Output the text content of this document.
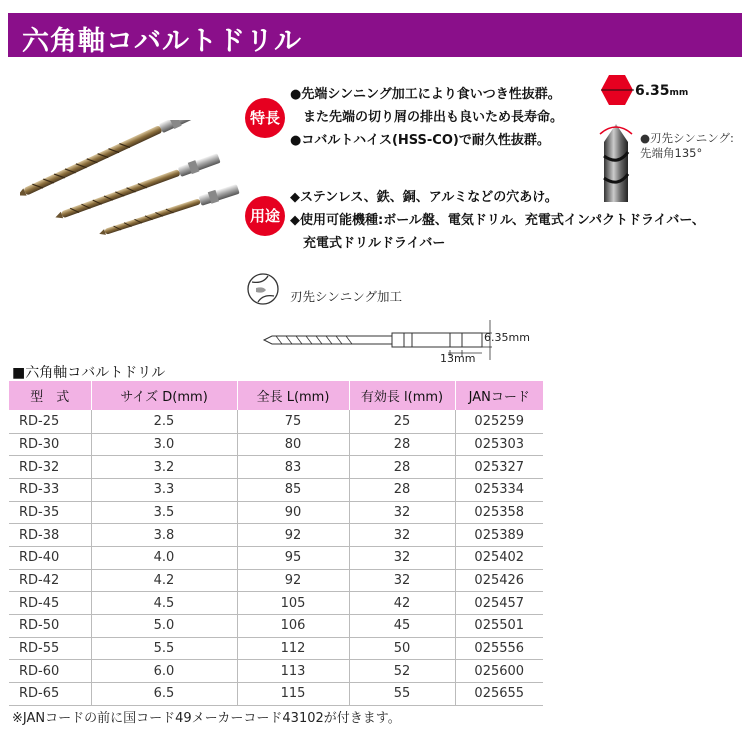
六角軸コバルトドリル
特長
●先端シンニング加工により食いつき性抜群。
　また先端の切り屑の排出も良いため長寿命。
●コバルトハイス(HSS-CO)で耐久性抜群。
用途
◆ステンレス、鉄、銅、アルミなどの穴あけ。
◆使用可能機種:ボール盤、電気ドリル、充電式インパクトドライバー、
　充電式ドリルドライバー
6.35mm
●刃先シンニング:
先端角135°
刃先シンニング加工
6.35mm
13mm
■六角軸コバルトドリル
型　式	サイズ D(mm)	全長 L(mm)	有効長 l(mm)	JANコード
RD-25	2.5	75	25	025259
RD-30	3.0	80	28	025303
RD-32	3.2	83	28	025327
RD-33	3.3	85	28	025334
RD-35	3.5	90	32	025358
RD-38	3.8	92	32	025389
RD-40	4.0	95	32	025402
RD-42	4.2	92	32	025426
RD-45	4.5	105	42	025457
RD-50	5.0	106	45	025501
RD-55	5.5	112	50	025556
RD-60	6.0	113	52	025600
RD-65	6.5	115	55	025655
※JANコードの前に国コード49メーカーコード43102が付きます。
